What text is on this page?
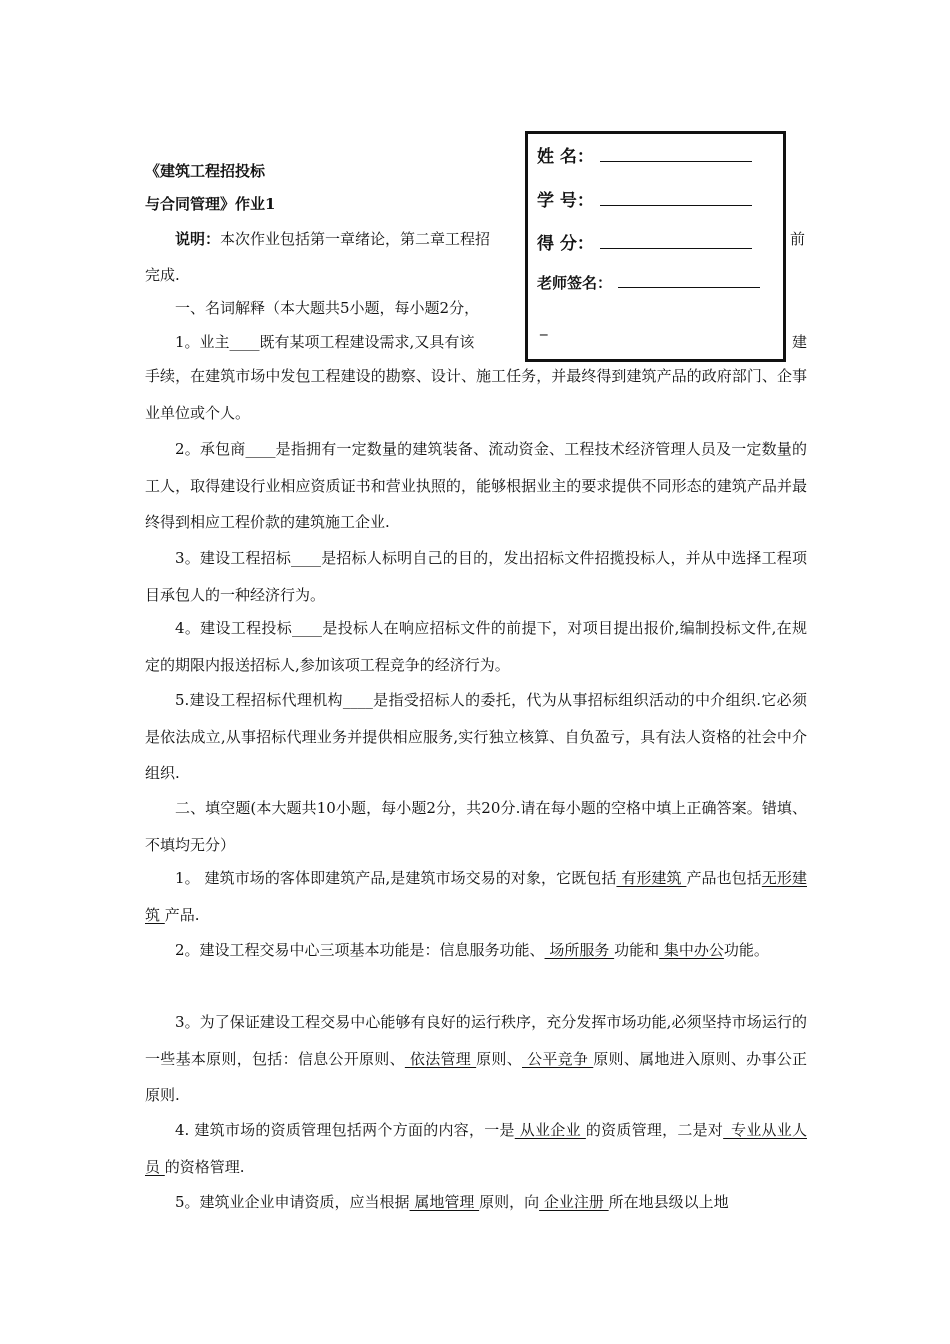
《建筑工程招投标
与合同管理》作业1
说明：本次作业包括第一章绪论，第二章工程招	前
完成.
一、名词解释（本大题共5小题，每小题2分，
1。业主____既有某项工程建设需求,又具有该	建
手续，在建筑市场中发包工程建设的勘察、设计、施工任务，并最终得到建筑产品的政府部门、企事业单位或个人。
2。承包商____是指拥有一定数量的建筑装备、流动资金、工程技术经济管理人员及一定数量的工人，取得建设行业相应资质证书和营业执照的，能够根据业主的要求提供不同形态的建筑产品并最终得到相应工程价款的建筑施工企业.
3。建设工程招标____是招标人标明自己的目的，发出招标文件招揽投标人，并从中选择工程项目承包人的一种经济行为。
4。建设工程投标____是投标人在响应招标文件的前提下，对项目提出报价,编制投标文件,在规定的期限内报送招标人,参加该项工程竞争的经济行为。
5.建设工程招标代理机构____是指受招标人的委托，代为从事招标组织活动的中介组织.它必须是依法成立,从事招标代理业务并提供相应服务,实行独立核算、自负盈亏，具有法人资格的社会中介组织.
二、填空题(本大题共10小题，每小题2分，共20分.请在每小题的空格中填上正确答案。错填、不填均无分）
1。 建筑市场的客体即建筑产品,是建筑市场交易的对象，它既包括 有形建筑 产品也包括无形建筑 产品.
2。建设工程交易中心三项基本功能是：信息服务功能、 场所服务 功能和 集中办公功能。
3。为了保证建设工程交易中心能够有良好的运行秩序，充分发挥市场功能,必须坚持市场运行的一些基本原则，包括：信息公开原则、 依法管理 原则、 公平竞争 原则、属地进入原则、办事公正原则.
4. 建筑市场的资质管理包括两个方面的内容，一是 从业企业 的资质管理，二是对_专业从业人员 的资格管理.
5。建筑业企业申请资质，应当根据 属地管理 原则，向 企业注册 所在地县级以上地
姓 名：
学 号：
得 分：
老师签名：
_
